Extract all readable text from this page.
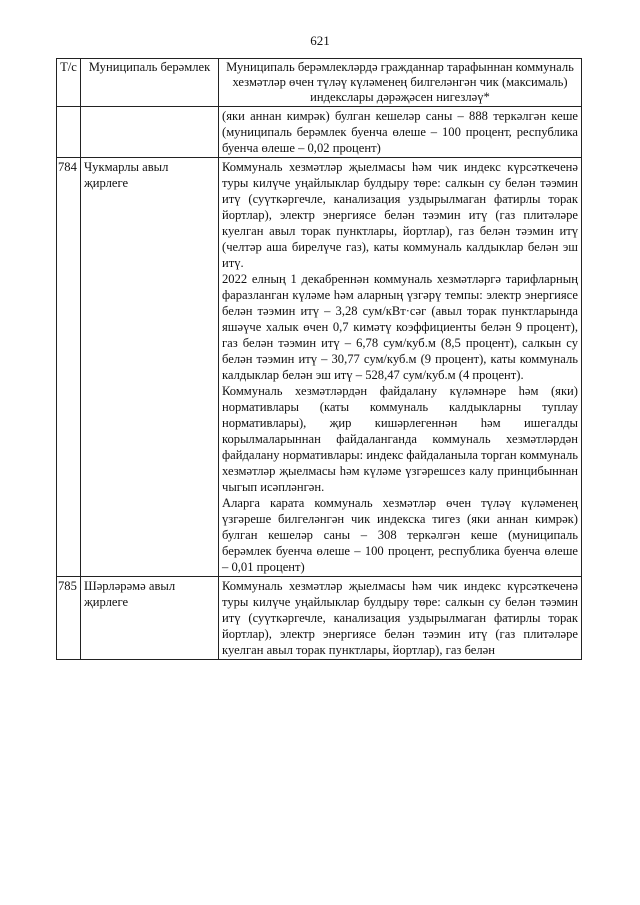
621
Т/с	Муниципаль берәмлек	Муниципаль берәмлекләрдә гражданнар тарафыннан коммуналь хезмәтләр өчен түләү күләменең билгеләнгән чик (максималь) индекслары дәрәҗәсен нигезләү*

		(яки аннан кимрәк) булган кешеләр саны – 888 теркәлгән кеше (муниципаль берәмлек буенча өлеше – 100 процент, республика буенча өлеше – 0,02 процент)

784	Чукмарлы авыл җирлеге	Коммуналь хезмәтләр җыелмасы һәм чик индекс күрсәткеченә туры килүче уңайлыклар булдыру төре: салкын су белән тәэмин итү (суүткәргечле, канализация уздырылмаган фатирлы торак йортлар), электр энергиясе белән тәэмин итү (газ плитәләре куелган авыл торак пунктлары, йортлар), газ белән тәэмин итү (челтәр аша бирелүче газ), каты коммуналь калдыклар белән эш итү.

2022 елның 1 декабреннән коммуналь хезмәтләргә тарифларның фаразланган күләме һәм аларның үзгәрү темпы: электр энергиясе белән тәэмин итү – 3,28 сум/кВт·сәг (авыл торак пунктларында яшәүче халык өчен 0,7 кимәтү коэффициенты белән 9 процент), газ белән тәэмин итү – 6,78 сум/куб.м (8,5 процент), салкын су белән тәэмин итү – 30,77 сум/куб.м (9 процент), каты коммуналь калдыклар белән эш итү – 528,47 сум/куб.м (4 процент).

Коммуналь хезмәтләрдән файдалану күләмнәре һәм (яки) нормативлары (каты коммуналь калдыкларны туплау нормативлары), җир кишәрлегеннән һәм ишегалды корылмаларыннан файдаланганда коммуналь хезмәтләрдән файдалану нормативлары: индекс файдаланыла торган коммуналь хезмәтләр җыелмасы һәм күләме үзгәрешсез калу принцибыннан чыгып исәпләнгән.

Аларга карата коммуналь хезмәтләр өчен түләү күләменең үзгәреше билгеләнгән чик индекска тигез (яки аннан кимрәк) булган кешеләр саны – 308 теркәлгән кеше (муниципаль берәмлек буенча өлеше – 100 процент, республика буенча өлеше – 0,01 процент)

785	Шәрләрәмә авыл җирлеге	Коммуналь хезмәтләр җыелмасы һәм чик индекс күрсәткеченә туры килүче уңайлыклар булдыру төре: салкын су белән тәэмин итү (суүткәргечле, канализация уздырылмаган фатирлы торак йортлар), электр энергиясе белән тәэмин итү (газ плитәләре куелган авыл торак пунктлары, йортлар), газ белән
